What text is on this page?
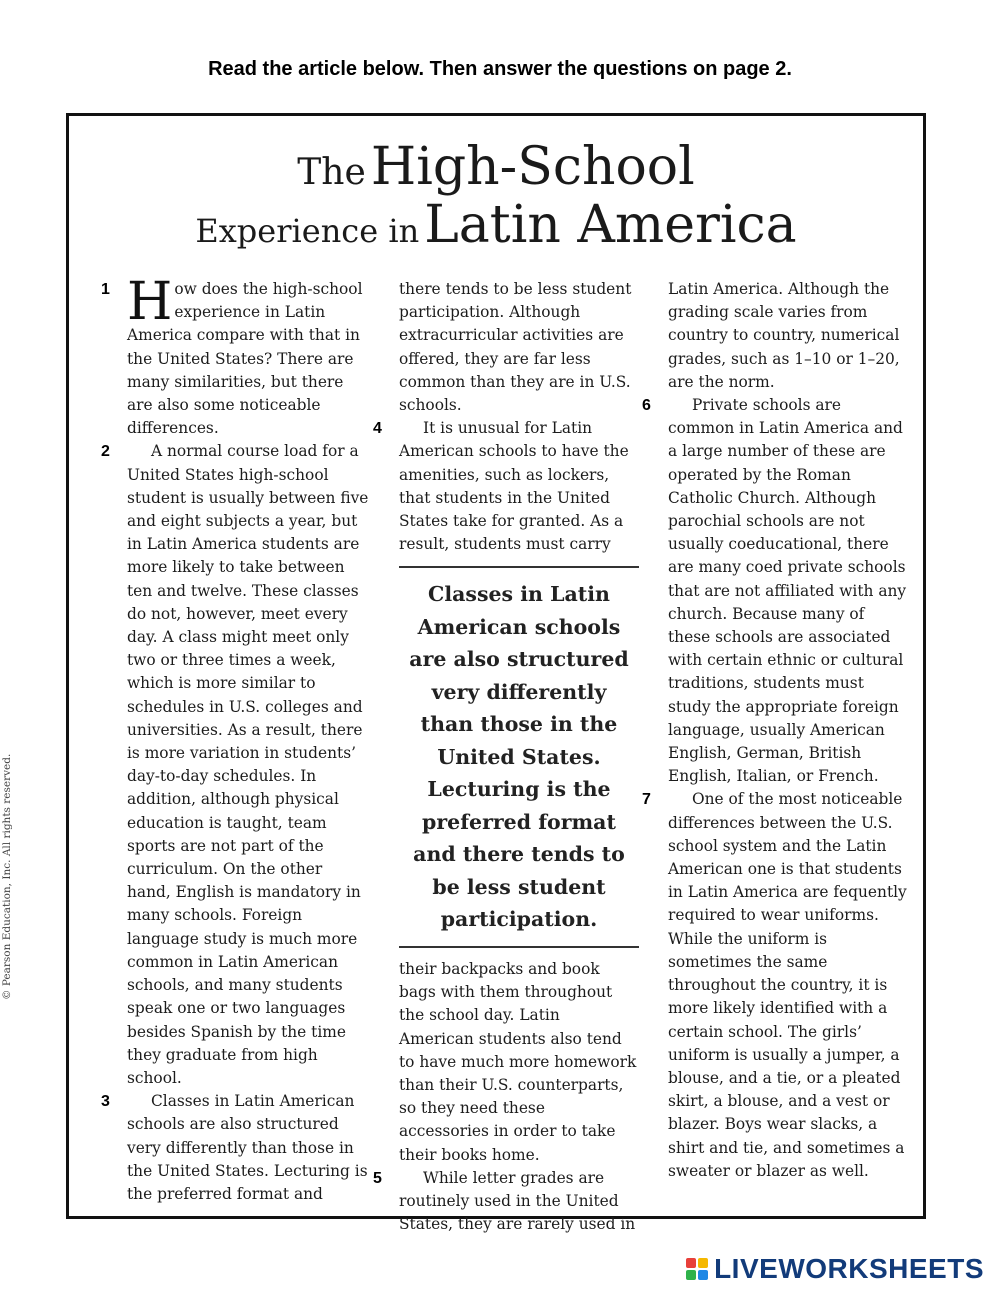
Read the article below. Then answer the questions on page 2.
The High-School
Experience in Latin America

1 H ow does the high-school experience in Latin America compare with that in the United States? There are many similarities, but there are also some noticeable differences.

2	A normal course load for a United States high-school student is usually between five and eight subjects a year, but in Latin America students are more likely to take between ten and twelve. These classes do not, however, meet every day. A class might meet only two or three times a week, which is more similar to schedules in U.S. colleges and universities. As a result, there is more variation in students’ day-to-day schedules. In addition, although physical education is taught, team sports are not part of the curriculum. On the other hand, English is mandatory in many schools. Foreign language study is much more common in Latin American schools, and many students speak one or two languages besides Spanish by the time they graduate from high school.

3	Classes in Latin American schools are also structured very differently than those in the United States. Lecturing is the preferred format and

there tends to be less student participation. Although extracurricular activities are offered, they are far less common than they are in U.S. schools.

4	It is unusual for Latin American schools to have the amenities, such as lockers, that students in the United States take for granted. As a result, students must carry

Classes in Latin American schools are also structured very differently than those in the United States. Lecturing is the preferred format and there tends to be less student participation.

their backpacks and book bags with them throughout the school day. Latin American students also tend to have much more homework than their U.S. counterparts, so they need these accessories in order to take their books home.

5	While letter grades are routinely used in the United States, they are rarely used in

Latin America. Although the grading scale varies from country to country, numerical grades, such as 1–10 or 1–20, are the norm.

6	Private schools are common in Latin America and a large number of these are operated by the Roman Catholic Church. Although parochial schools are not usually coeducational, there are many coed private schools that are not affiliated with any church. Because many of these schools are associated with certain ethnic or cultural traditions, students must study the appropriate foreign language, usually American English, German, British English, Italian, or French.

7	One of the most noticeable differences between the U.S. school system and the Latin American one is that students in Latin America are fequently required to wear uniforms. While the uniform is sometimes the same throughout the country, it is more likely identified with a certain school. The girls’ uniform is usually a jumper, a blouse, and a tie, or a pleated skirt, a blouse, and a vest or blazer. Boys wear slacks, a shirt and tie, and sometimes a sweater or blazer as well.

© Pearson Education, Inc. All rights reserved.
LIVEWORKSHEETS
